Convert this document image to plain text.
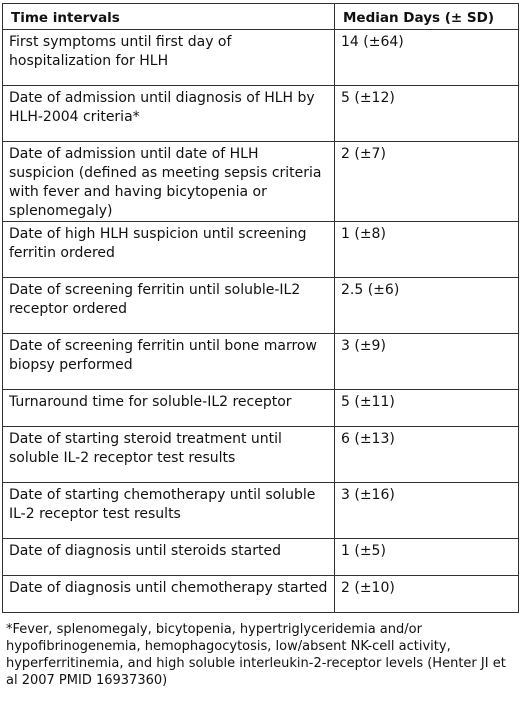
Time intervals	Median Days (± SD)
First symptoms until first day of hospitalization for HLH	14 (±64)
Date of admission until diagnosis of HLH by HLH-2004 criteria*	5 (±12)
Date of admission until date of HLH suspicion (defined as meeting sepsis criteria with fever and having bicytopenia or splenomegaly)	2 (±7)
Date of high HLH suspicion until screening ferritin ordered	1 (±8)
Date of screening ferritin until soluble-IL2 receptor ordered	2.5 (±6)
Date of screening ferritin until bone marrow biopsy performed	3 (±9)
Turnaround time for soluble-IL2 receptor	5 (±11)
Date of starting steroid treatment until soluble IL-2 receptor test results	6 (±13)
Date of starting chemotherapy until soluble IL-2 receptor test results	3 (±16)
Date of diagnosis until steroids started	1 (±5)
Date of diagnosis until chemotherapy started	2 (±10)
*Fever, splenomegaly, bicytopenia, hypertriglyceridemia and/or hypofibrinogenemia, hemophagocytosis, low/absent NK-cell activity, hyperferritinemia, and high soluble interleukin-2-receptor levels (Henter JI et al 2007 PMID 16937360)
